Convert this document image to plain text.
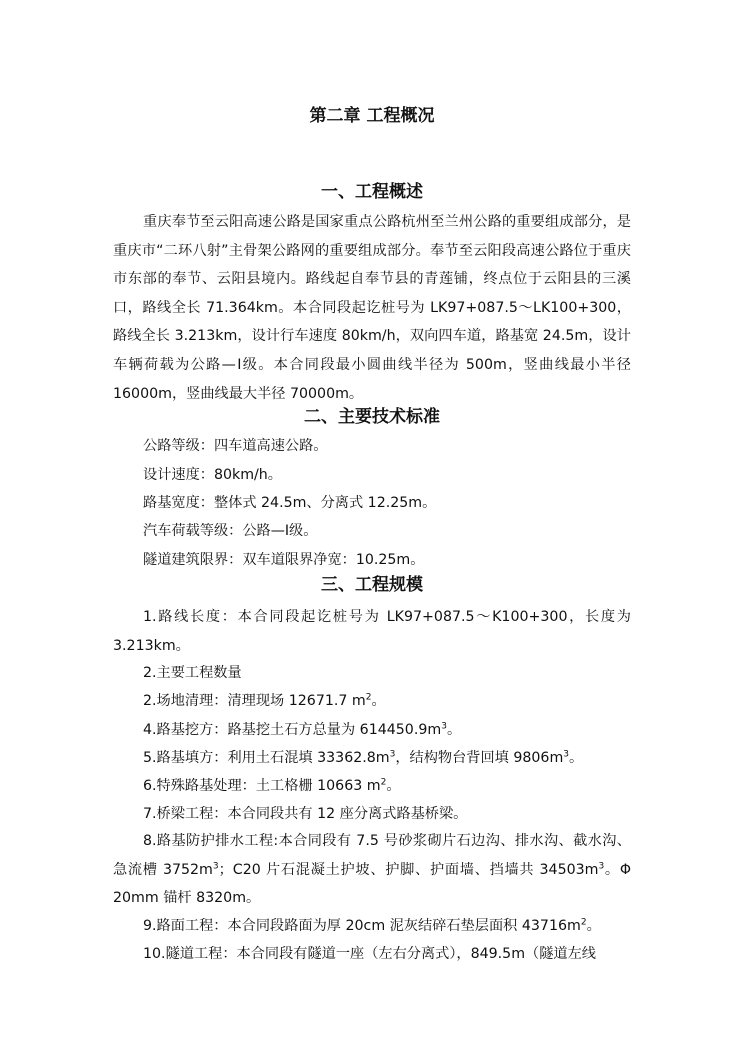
第二章 工程概况
一、工程概述

重庆奉节至云阳高速公路是国家重点公路杭州至兰州公路的重要组成部分，是重庆市“二环八射”主骨架公路网的重要组成部分。奉节至云阳段高速公路位于重庆市东部的奉节、云阳县境内。路线起自奉节县的青莲铺，终点位于云阳县的三溪口，路线全长 71.364km。本合同段起讫桩号为 LK97+087.5～LK100+300，路线全长 3.213km，设计行车速度 80km/h，双向四车道，路基宽 24.5m，设计车辆荷载为公路—Ⅰ级。本合同段最小圆曲线半径为 500m，竖曲线最小半径 16000m，竖曲线最大半径 70000m。

二、主要技术标准
公路等级：四车道高速公路。
设计速度：80km/h。
路基宽度：整体式 24.5m、分离式 12.25m。
汽车荷载等级：公路—Ⅰ级。
隧道建筑限界：双车道限界净宽：10.25m。
三、工程规模

1.路线长度：本合同段起讫桩号为 LK97+087.5～K100+300，长度为 3.213km。

2.主要工程数量
2.场地清理：清理现场 12671.7 $m^2$。
4.路基挖方：路基挖土石方总量为 $614450.9m^3$。
5.路基填方：利用土石混填 $33362.8m^3$，结构物台背回填 $9806m^3$。
6.特殊路基处理：土工格栅 10663 $m^2$。
7.桥梁工程：本合同段共有 12 座分离式路基桥梁。

8.路基防护排水工程:本合同段有 7.5 号砂浆砌片石边沟、排水沟、截水沟、急流槽 $3752m^3$；C20 片石混凝土护坡、护脚、护面墙、挡墙共 $34503m^3$。Φ 20mm 锚杆 8320m。

9.路面工程：本合同段路面为厚 20cm 泥灰结碎石垫层面积 $43716m^2$。
10.隧道工程：本合同段有隧道一座（左右分离式），849.5m（隧道左线
